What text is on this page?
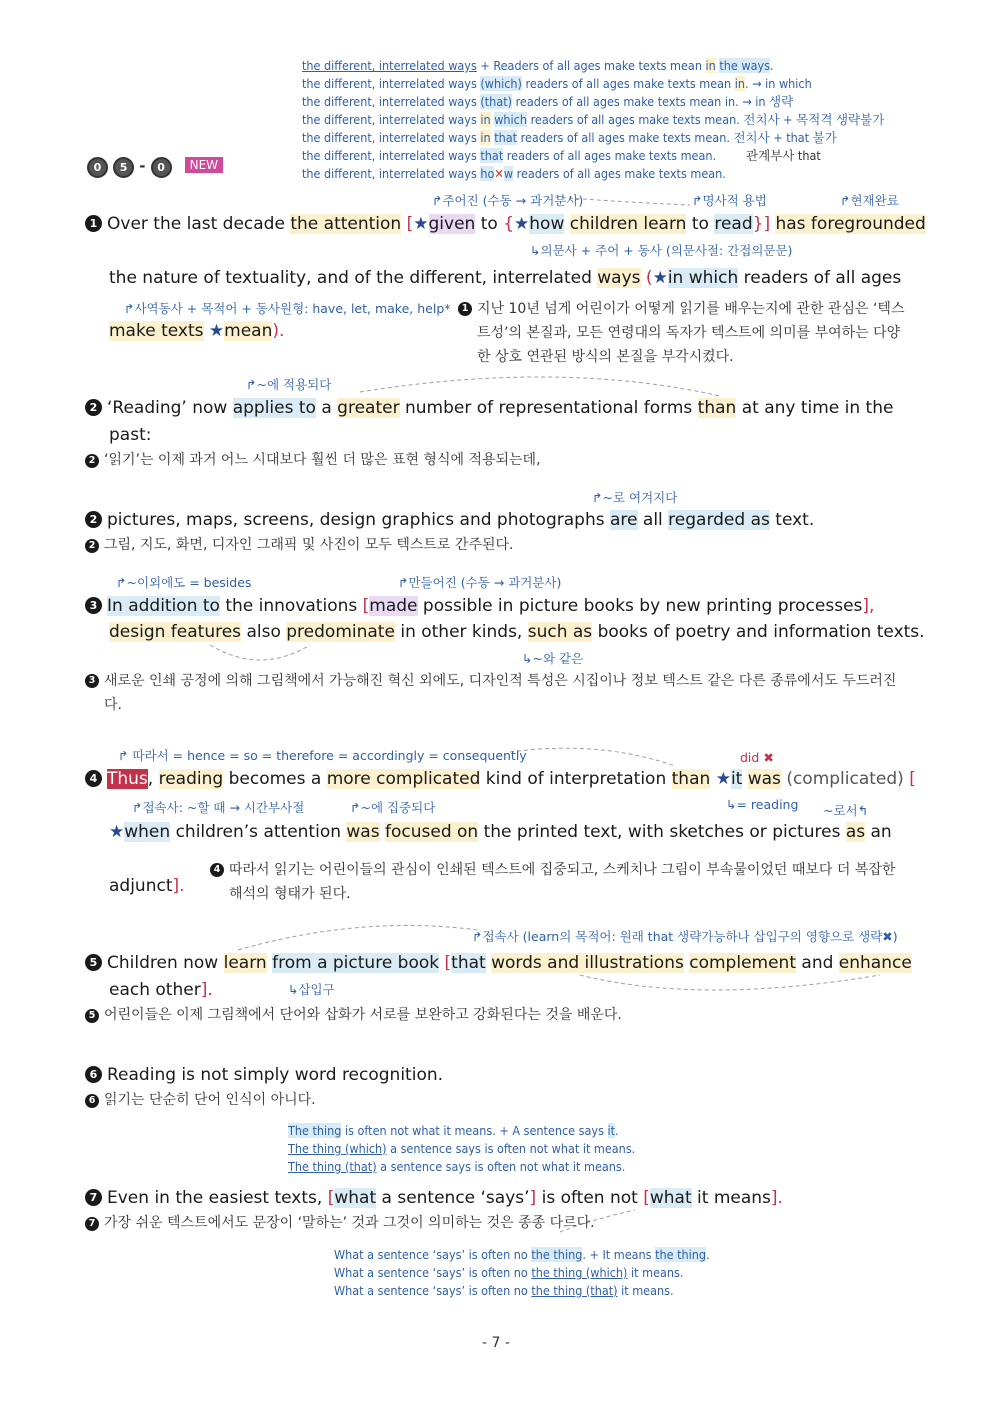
the different, interrelated ways + Readers of all ages make texts mean in the ways.
the different, interrelated ways (which) readers of all ages make texts mean in. → in which
the different, interrelated ways (that) readers of all ages make texts mean in. → in 생략
the different, interrelated ways in which readers of all ages make texts mean. 전치사 + 목적격 생략불가
the different, interrelated ways in that readers of all ages make texts mean. 전치사 + that 불가
the different, interrelated ways that readers of all ages make texts mean. 관계부사 that
the different, interrelated ways ho✕w readers of all ages make texts mean.
0 5 - 0 NEW
↱주어진 (수동 → 과거분사)	↱명사적 용법	↱현재완료
1 Over the last decade the attention [★given to {★how children learn to read}] has foregrounded
↳의문사 + 주어 + 동사 (의문사절: 간접의문문)
the nature of textuality, and of the different, interrelated ways (★in which readers of all ages
↱사역동사 + 목적어 + 동사원형: have, let, make, help*
make texts ★mean).
1 지난 10년 넘게 어린이가 어떻게 읽기를 배우는지에 관한 관심은 ‘텍스트성’의 본질과, 모든 연령대의 독자가 텍스트에 의미를 부여하는 다양한 상호 연관된 방식의 본질을 부각시켰다.
↱~에 적용되다
2 ‘Reading’ now applies to a greater number of representational forms than at any time in the
past:
2 ‘읽기’는 이제 과거 어느 시대보다 훨씬 더 많은 표현 형식에 적용되는데,
↱~로 여겨지다
2 pictures, maps, screens, design graphics and photographs are all regarded as text.
2 그림, 지도, 화면, 디자인 그래픽 및 사진이 모두 텍스트로 간주된다.
↱~이외에도 = besides	↱만들어진 (수동 → 과거분사)
3 In addition to the innovations [made possible in picture books by new printing processes],
design features also predominate in other kinds, such as books of poetry and information texts.
↳~와 같은
3 새로운 인쇄 공정에 의해 그림책에서 가능해진 혁신 외에도, 디자인적 특성은 시집이나 정보 텍스트 같은 다른 종류에서도 두드러진다.
↱ 따라서 = hence = so = therefore = accordingly = consequently	did ✖
4 Thus, reading becomes a more complicated kind of interpretation than ★it was (complicated) [
↱접속사: ~할 때 → 시간부사절	↱~에 집중되다	↳= reading ~로서↰
★when children’s attention was focused on the printed text, with sketches or pictures as an
adjunct].
4 따라서 읽기는 어린이들의 관심이 인쇄된 텍스트에 집중되고, 스케치나 그림이 부속물이었던 때보다 더 복잡한 해석의 형태가 된다.
↱접속사 (learn의 목적어: 원래 that 생략가능하나 삽입구의 영향으로 생략✖)
5 Children now learn from a picture book [that words and illustrations complement and enhance
each other].	↳삽입구
5 어린이들은 이제 그림책에서 단어와 삽화가 서로를 보완하고 강화된다는 것을 배운다.
6 Reading is not simply word recognition.
6 읽기는 단순히 단어 인식이 아니다.
The thing is often not what it means. + A sentence says it.
The thing (which) a sentence says is often not what it means.
The thing (that) a sentence says is often not what it means.
7 Even in the easiest texts, [what a sentence ‘says’] is often not [what it means].
7 가장 쉬운 텍스트에서도 문장이 ‘말하는’ 것과 그것이 의미하는 것은 종종 다르다.
What a sentence ‘says’ is often no the thing. + It means the thing.
What a sentence ‘says’ is often no the thing (which) it means.
What a sentence ‘says’ is often no the thing (that) it means.
- 7 -
